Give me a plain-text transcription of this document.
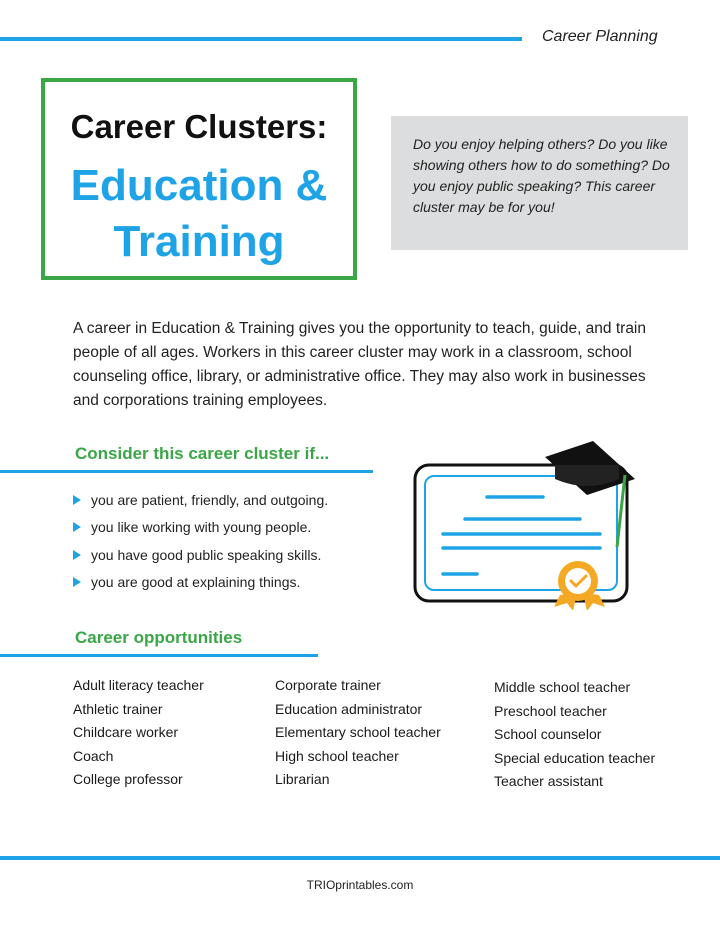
Career Planning
Career Clusters:
Education &
Training
Do you enjoy helping others? Do you like showing others how to do something? Do you enjoy public speaking? This career cluster may be for you!
A career in Education & Training gives you the opportunity to teach, guide, and train people of all ages. Workers in this career cluster may work in a classroom, school counseling office, library, or administrative office. They may also work in businesses and corporations training employees.
Consider this career cluster if...
you are patient, friendly, and outgoing.
you like working with young people.
you have good public speaking skills.
you are good at explaining things.
Career opportunities
Adult literacy teacher
Athletic trainer
Childcare worker
Coach
College professor
Corporate trainer
Education administrator
Elementary school teacher
High school teacher
Librarian
Middle school teacher
Preschool teacher
School counselor
Special education teacher
Teacher assistant
TRIOprintables.com
